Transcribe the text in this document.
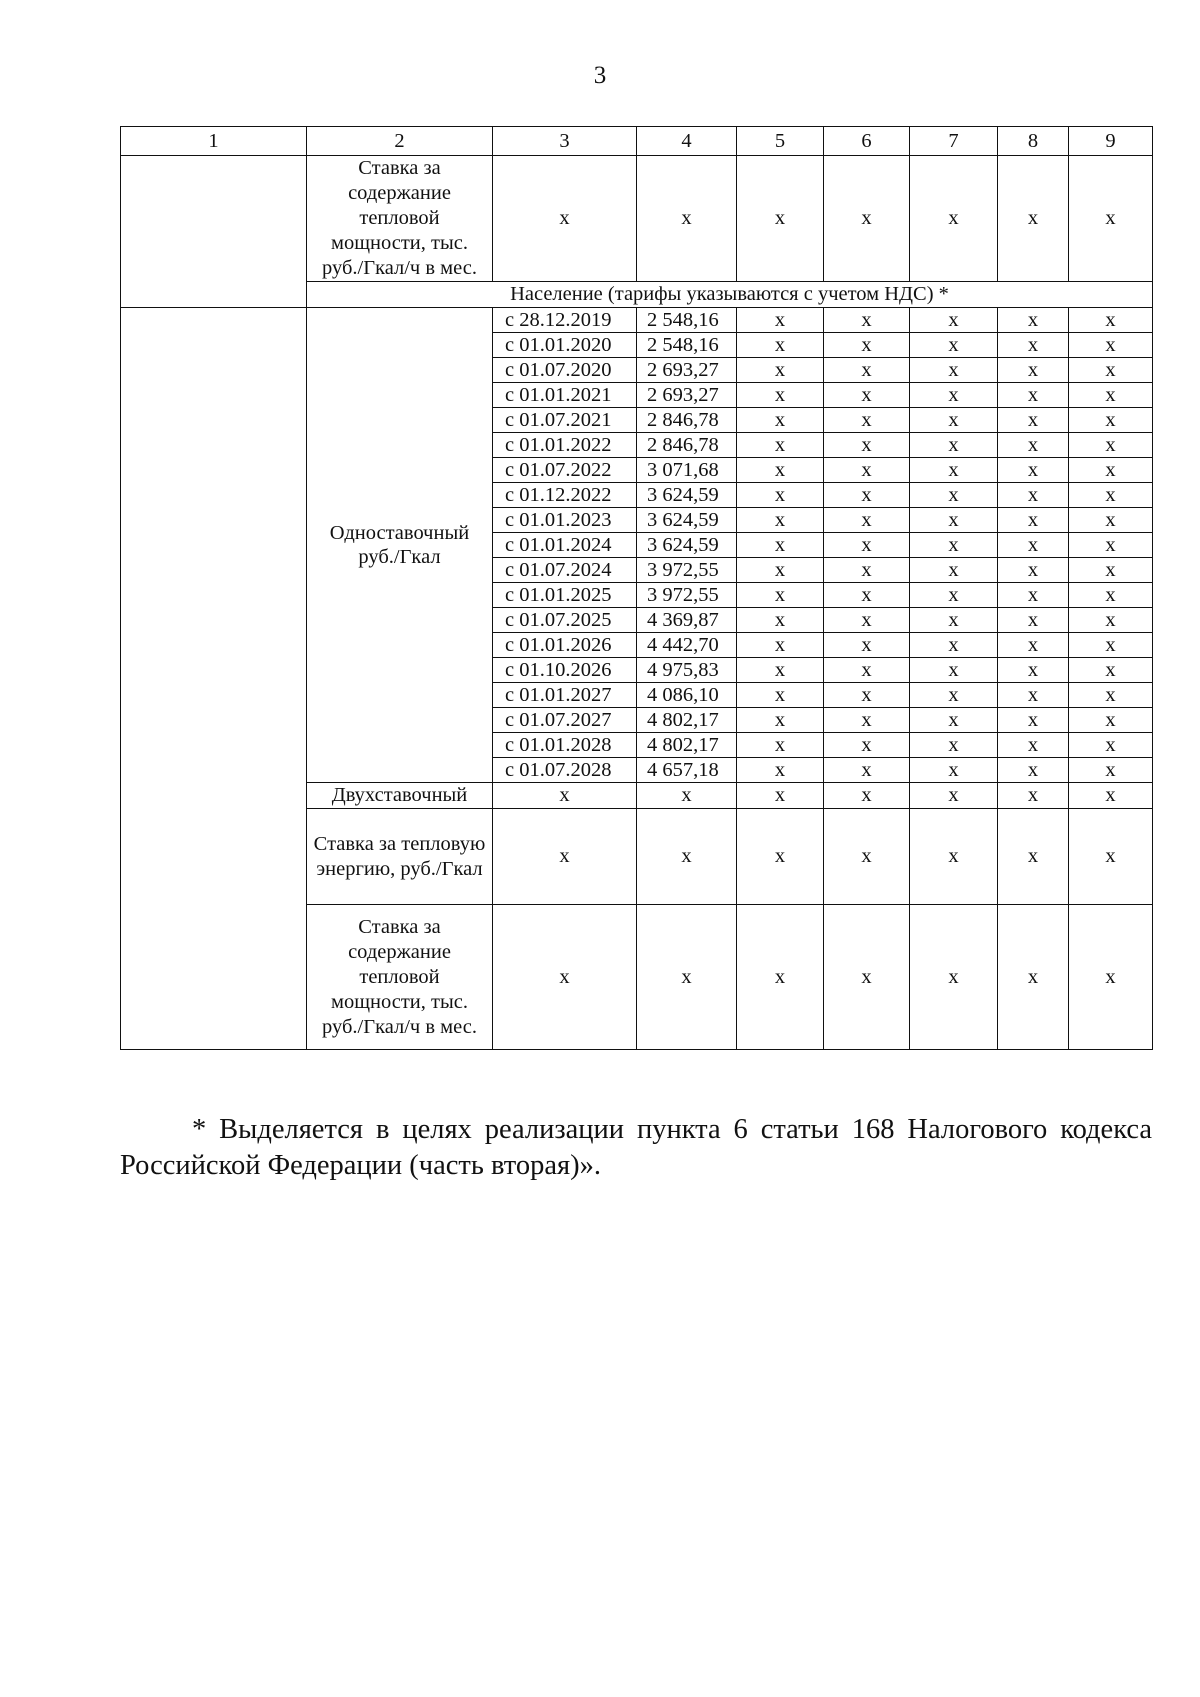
3
1	2	3	4	5	6	7	8	9
	Ставка за содержание тепловой мощности, тыс. руб./Гкал/ч в мес.	x	x	x	x	x	x	x
	Население (тарифы указываются с учетом НДС) *							
	Одноставочный руб./Гкал	с 28.12.2019	2 548,16	x	x	x	x	x
		с 01.01.2020	2 548,16	x	x	x	x	x
		с 01.07.2020	2 693,27	x	x	x	x	x
		с 01.01.2021	2 693,27	x	x	x	x	x
		с 01.07.2021	2 846,78	x	x	x	x	x
		с 01.01.2022	2 846,78	x	x	x	x	x
		с 01.07.2022	3 071,68	x	x	x	x	x
		с 01.12.2022	3 624,59	x	x	x	x	x
		с 01.01.2023	3 624,59	x	x	x	x	x
		с 01.01.2024	3 624,59	x	x	x	x	x
		с 01.07.2024	3 972,55	x	x	x	x	x
		с 01.01.2025	3 972,55	x	x	x	x	x
		с 01.07.2025	4 369,87	x	x	x	x	x
		с 01.01.2026	4 442,70	x	x	x	x	x
		с 01.10.2026	4 975,83	x	x	x	x	x
		с 01.01.2027	4 086,10	x	x	x	x	x
		с 01.07.2027	4 802,17	x	x	x	x	x
		с 01.01.2028	4 802,17	x	x	x	x	x
		с 01.07.2028	4 657,18	x	x	x	x	x
	Двухставочный	x	x	x	x	x	x	x
	Ставка за тепловую энергию, руб./Гкал	x	x	x	x	x	x	x
	Ставка за содержание тепловой мощности, тыс. руб./Гкал/ч в мес.	x	x	x	x	x	x	x
* Выделяется в целях реализации пункта 6 статьи 168 Налогового кодекса Российской Федерации (часть вторая)».
